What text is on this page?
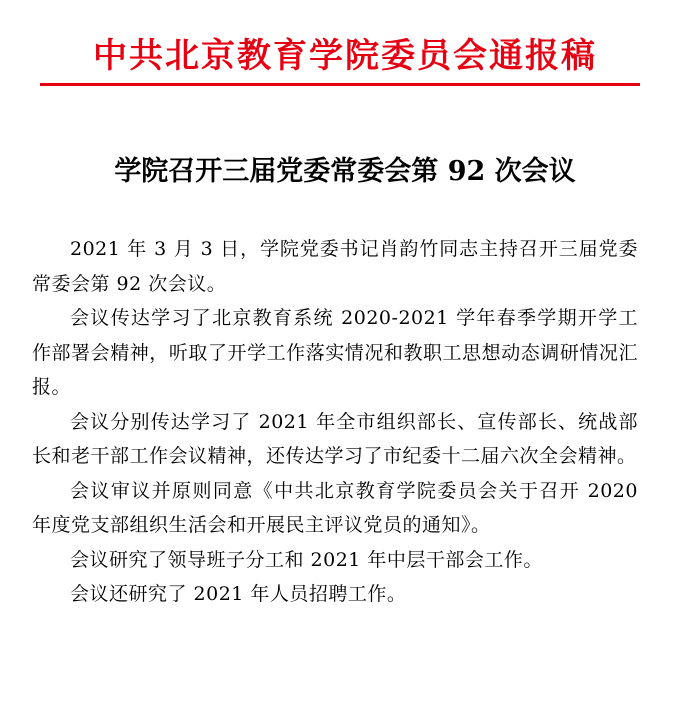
中共北京教育学院委员会通报稿
学院召开三届党委常委会第 92 次会议

2021 年 3 月 3 日，学院党委书记肖韵竹同志主持召开三届党委常委会第 92 次会议。

会议传达学习了北京教育系统 2020-2021 学年春季学期开学工作部署会精神，听取了开学工作落实情况和教职工思想动态调研情况汇报。

会议分别传达学习了 2021 年全市组织部长、宣传部长、统战部长和老干部工作会议精神，还传达学习了市纪委十二届六次全会精神。

会议审议并原则同意《中共北京教育学院委员会关于召开 2020 年度党支部组织生活会和开展民主评议党员的通知》。

会议研究了领导班子分工和 2021 年中层干部会工作。

会议还研究了 2021 年人员招聘工作。
